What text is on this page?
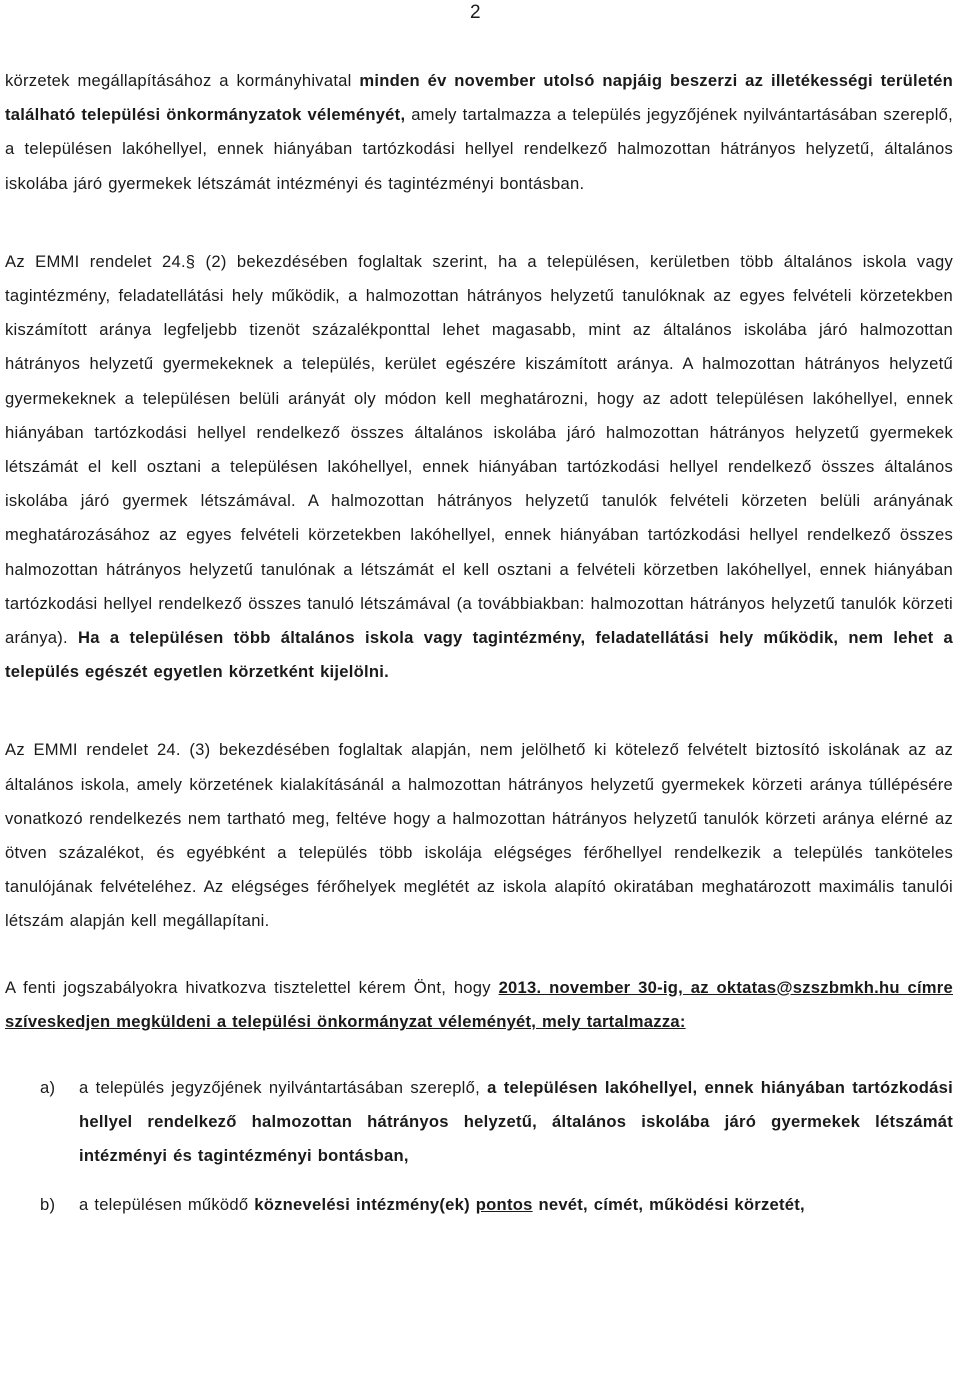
2

körzetek megállapításához a kormányhivatal minden év november utolsó napjáig beszerzi az illetékességi területén található települési önkormányzatok véleményét, amely tartalmazza a település jegyzőjének nyilvántartásában szereplő, a településen lakóhellyel, ennek hiányában tartózkodási hellyel rendelkező halmozottan hátrányos helyzetű, általános iskolába járó gyermekek létszámát intézményi és tagintézményi bontásban.

Az EMMI rendelet 24.§ (2) bekezdésében foglaltak szerint, ha a településen, kerületben több általános iskola vagy tagintézmény, feladatellátási hely működik, a halmozottan hátrányos helyzetű tanulóknak az egyes felvételi körzetekben kiszámított aránya legfeljebb tizenöt százalékponttal lehet magasabb, mint az általános iskolába járó halmozottan hátrányos helyzetű gyermekeknek a település, kerület egészére kiszámított aránya. A halmozottan hátrányos helyzetű gyermekeknek a településen belüli arányát oly módon kell meghatározni, hogy az adott településen lakóhellyel, ennek hiányában tartózkodási hellyel rendelkező összes általános iskolába járó halmozottan hátrányos helyzetű gyermekek létszámát el kell osztani a településen lakóhellyel, ennek hiányában tartózkodási hellyel rendelkező összes általános iskolába járó gyermek létszámával. A halmozottan hátrányos helyzetű tanulók felvételi körzeten belüli arányának meghatározásához az egyes felvételi körzetekben lakóhellyel, ennek hiányában tartózkodási hellyel rendelkező összes halmozottan hátrányos helyzetű tanulónak a létszámát el kell osztani a felvételi körzetben lakóhellyel, ennek hiányában tartózkodási hellyel rendelkező összes tanuló létszámával (a továbbiakban: halmozottan hátrányos helyzetű tanulók körzeti aránya). Ha a településen több általános iskola vagy tagintézmény, feladatellátási hely működik, nem lehet a település egészét egyetlen körzetként kijelölni.

Az EMMI rendelet 24. (3) bekezdésében foglaltak alapján, nem jelölhető ki kötelező felvételt biztosító iskolának az az általános iskola, amely körzetének kialakításánál a halmozottan hátrányos helyzetű gyermekek körzeti aránya túllépésére vonatkozó rendelkezés nem tartható meg, feltéve hogy a halmozottan hátrányos helyzetű tanulók körzeti aránya elérné az ötven százalékot, és egyébként a település több iskolája elégséges férőhellyel rendelkezik a település tanköteles tanulójának felvételéhez. Az elégséges férőhelyek meglétét az iskola alapító okiratában meghatározott maximális tanulói létszám alapján kell megállapítani.

A fenti jogszabályokra hivatkozva tisztelettel kérem Önt, hogy 2013. november 30-ig, az oktatas@szszbmkh.hu címre szíveskedjen megküldeni a települési önkormányzat véleményét, mely tartalmazza:

a) a település jegyzőjének nyilvántartásában szereplő, a településen lakóhellyel, ennek hiányában tartózkodási hellyel rendelkező halmozottan hátrányos helyzetű, általános iskolába járó gyermekek létszámát intézményi és tagintézményi bontásban,

b) a településen működő köznevelési intézmény(ek) pontos nevét, címét, működési körzetét,
